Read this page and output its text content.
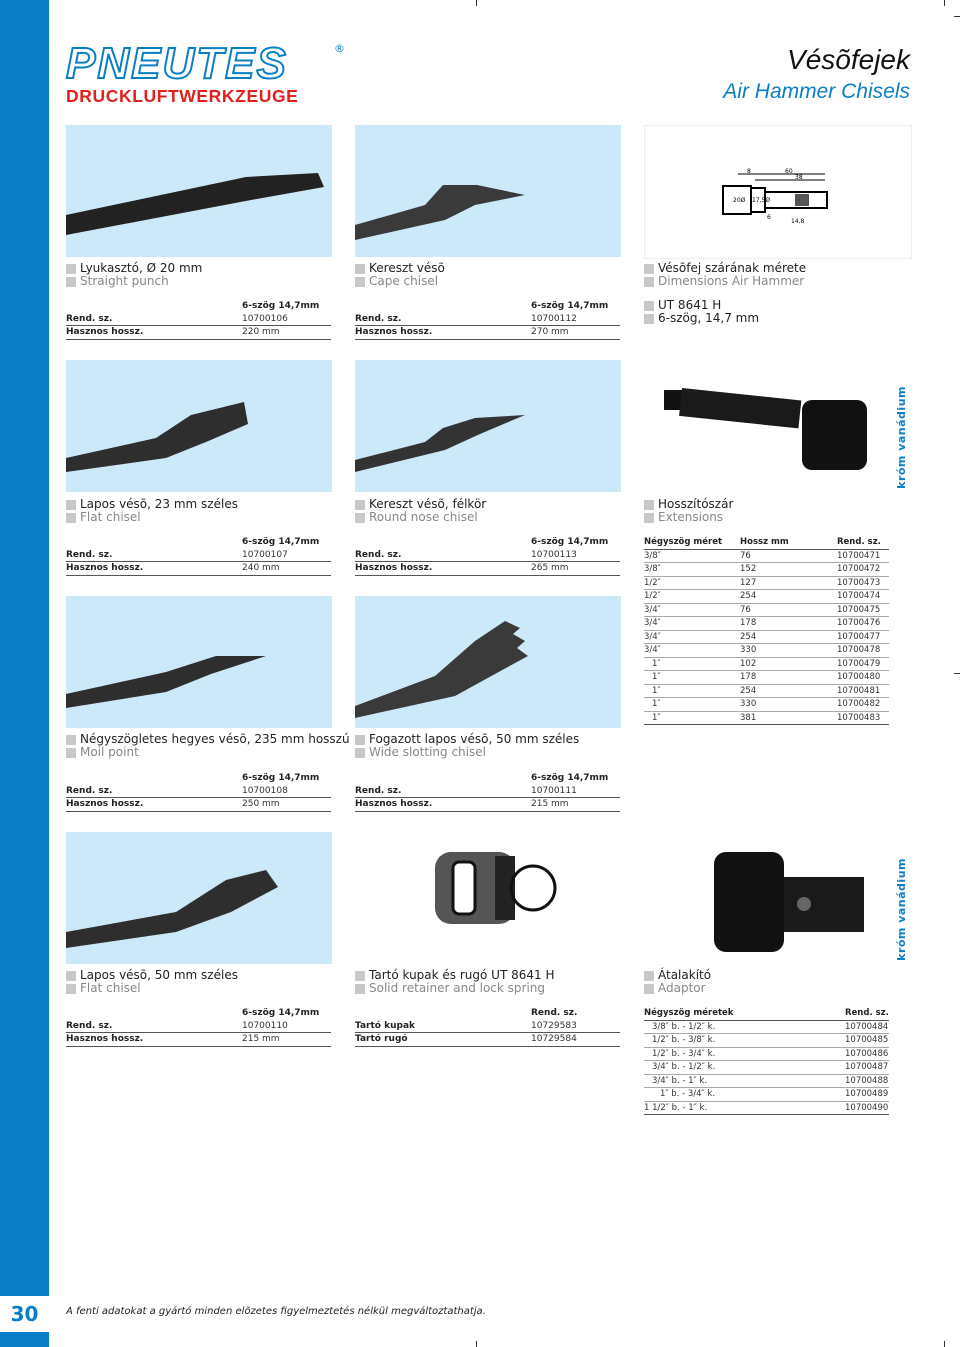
30	A fenti adatokat a gyártó minden elõzetes figyelmeztetés nélkül megváltoztathatja.
PNEUTES	®
DRUCKLUFTWERKZEUGE
Vésõfejek
Air Hammer Chisels
60
38
8
20Ø 17,5Ø
14,8
6
Lyukasztó, Ø 20 mm
Straight punch
Kereszt vésõ
Cape chisel
Vésõfej szárának mérete
Dimensions Air Hammer
6-szög 14,7mm
Rend. sz.	10700106
Hasznos hossz.	220 mm
6-szög 14,7mm
Rend. sz.	10700112
Hasznos hossz.	270 mm
UT 8641 H
6-szög, 14,7 mm
króm vanádium
Lapos vésõ, 23 mm széles
Flat chisel
Kereszt vésõ, félkör
Round nose chisel
Hosszítószár
Extensions
6-szög 14,7mm
Rend. sz.	10700107
Hasznos hossz.	240 mm
6-szög 14,7mm
Rend. sz.	10700113
Hasznos hossz.	265 mm
Négyszög méret	Hossz mm	Rend. sz.
3/8″	76	10700471
3/8″	152	10700472
1/2″	127	10700473
1/2″	254	10700474
3/4″	76	10700475
3/4″	178	10700476
3/4″	254	10700477
3/4″	330	10700478
1″	102	10700479
1″	178	10700480
1″	254	10700481
1″	330	10700482
1″	381	10700483
Négyszögletes hegyes vésõ, 235 mm hosszú
Moil point
Fogazott lapos vésõ, 50 mm széles
Wide slotting chisel
6-szög 14,7mm
Rend. sz.	10700108
Hasznos hossz.	250 mm
6-szög 14,7mm
Rend. sz.	10700111
Hasznos hossz.	215 mm
króm vanádium
Lapos vésõ, 50 mm széles
Flat chisel
Tartó kupak és rugó UT 8641 H
Solid retainer and lock spring
Átalakító
Adaptor
6-szög 14,7mm
Rend. sz.	10700110
Hasznos hossz.	215 mm
Rend. sz.
Tartó kupak	10729583
Tartó rugó	10729584
Négyszög méretek	Rend. sz.
3/8″ b. - 1/2″ k.	10700484
1/2″ b. - 3/8″ k.	10700485
1/2″ b. - 3/4″ k.	10700486
3/4″ b. - 1/2″ k.	10700487
3/4″ b. - 1″ k.	10700488
1″ b. - 3/4″ k.	10700489
1 1/2″ b. - 1″ k.	10700490
